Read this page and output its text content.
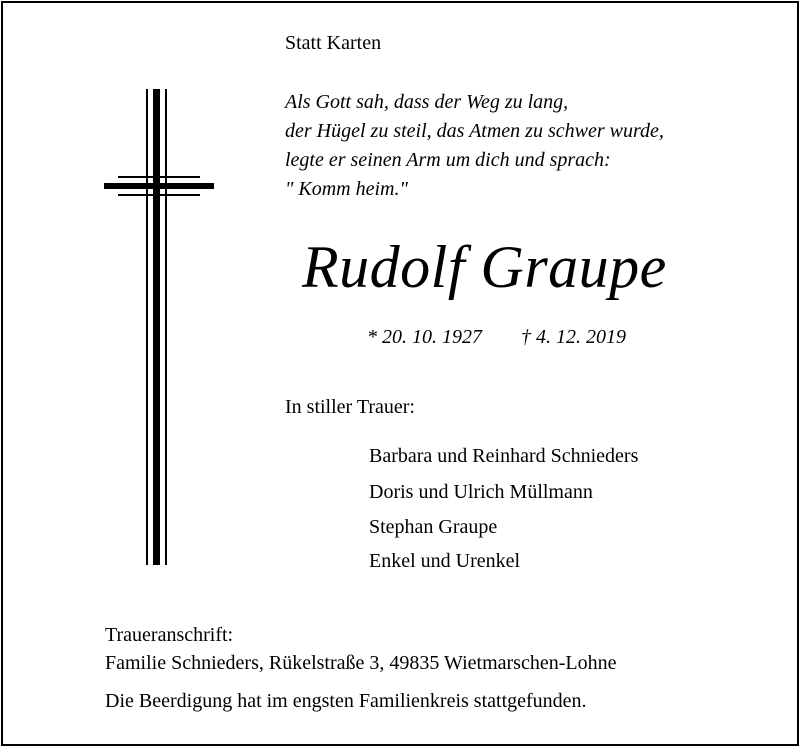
Statt Karten
Als Gott sah, dass der Weg zu lang,
der Hügel zu steil, das Atmen zu schwer wurde,
legte er seinen Arm um dich und sprach:
" Komm heim."
Rudolf Graupe
* 20. 10. 1927 † 4. 12. 2019
In stiller Trauer:
Barbara und Reinhard Schnieders
Doris und Ulrich Müllmann
Stephan Graupe
Enkel und Urenkel
Traueranschrift:
Familie Schnieders, Rükelstraße 3, 49835 Wietmarschen-Lohne
Die Beerdigung hat im engsten Familienkreis stattgefunden.
